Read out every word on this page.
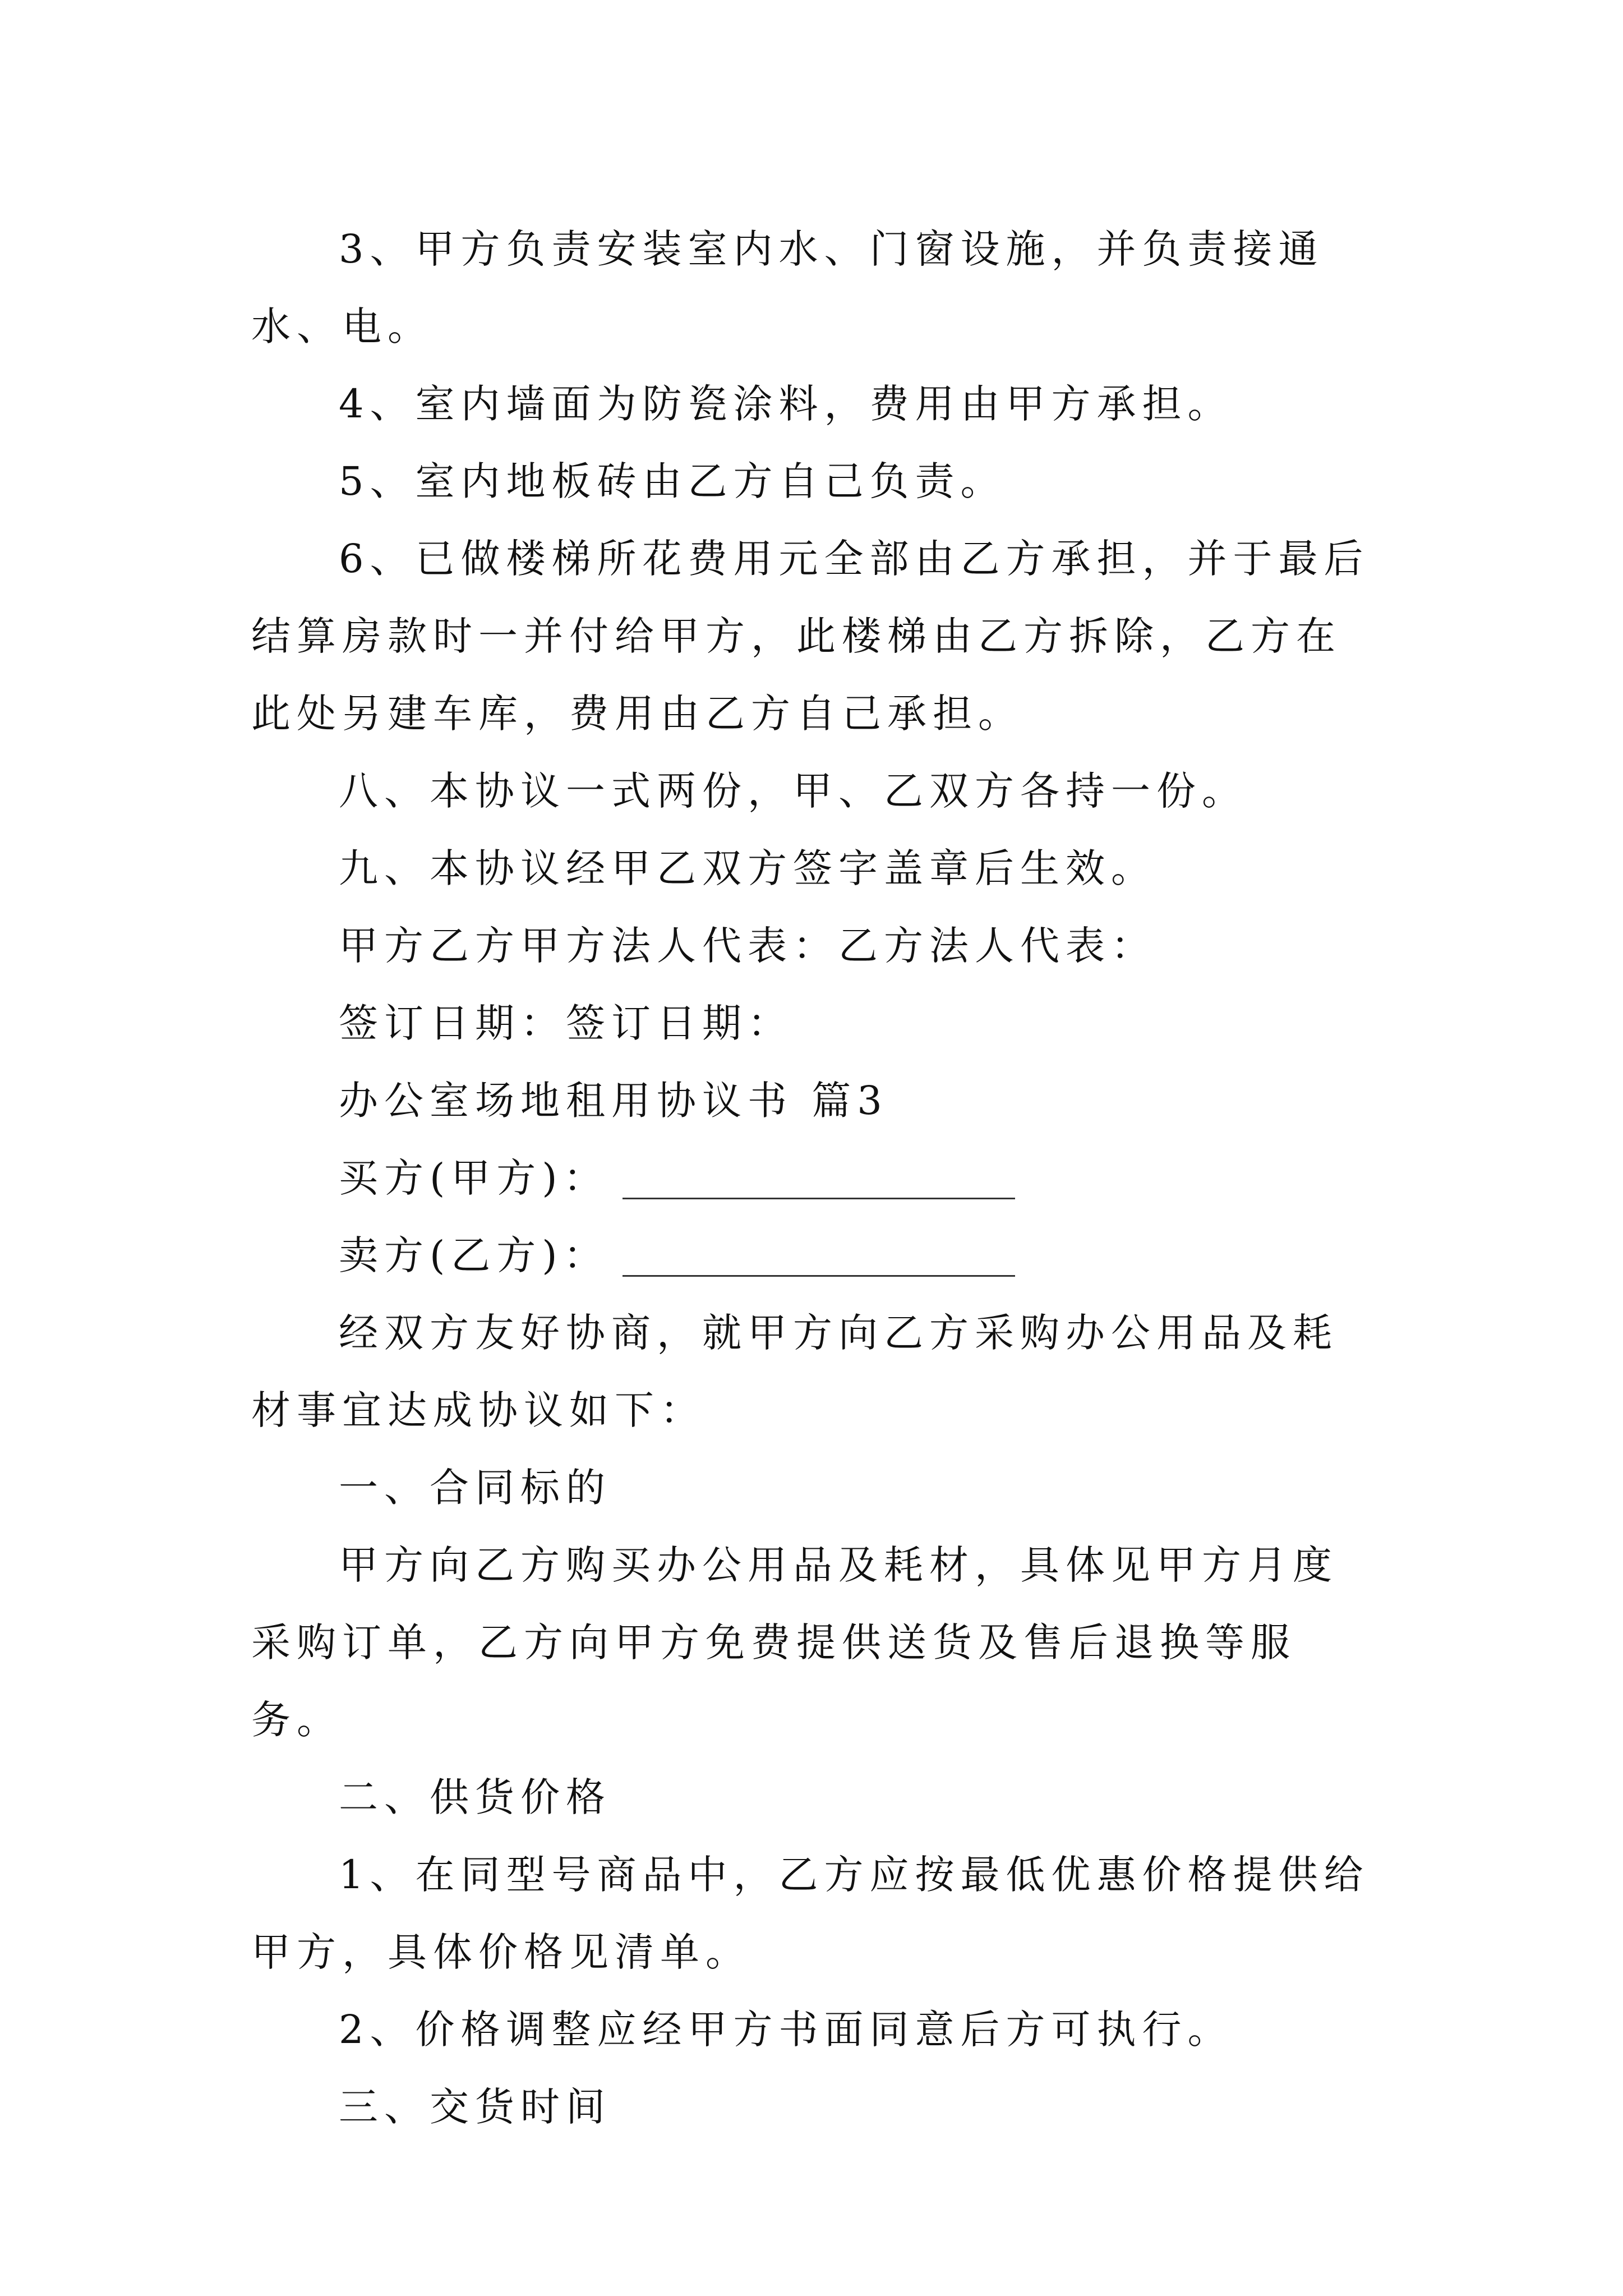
3、甲方负责安装室内水、门窗设施，并负责接通水、电。

4、室内墙面为防瓷涂料，费用由甲方承担。

5、室内地板砖由乙方自己负责。

6、已做楼梯所花费用元全部由乙方承担，并于最后结算房款时一并付给甲方，此楼梯由乙方拆除，乙方在此处另建车库，费用由乙方自己承担。

八、本协议一式两份，甲、乙双方各持一份。

九、本协议经甲乙双方签字盖章后生效。

甲方乙方甲方法人代表：乙方法人代表：

签订日期：签订日期：

办公室场地租用协议书 篇3

买方(甲方)：

卖方(乙方)：

经双方友好协商，就甲方向乙方采购办公用品及耗材事宜达成协议如下：

一、合同标的

甲方向乙方购买办公用品及耗材，具体见甲方月度采购订单，乙方向甲方免费提供送货及售后退换等服务。

二、供货价格

1、在同型号商品中，乙方应按最低优惠价格提供给甲方，具体价格见清单。

2、价格调整应经甲方书面同意后方可执行。

三、交货时间
